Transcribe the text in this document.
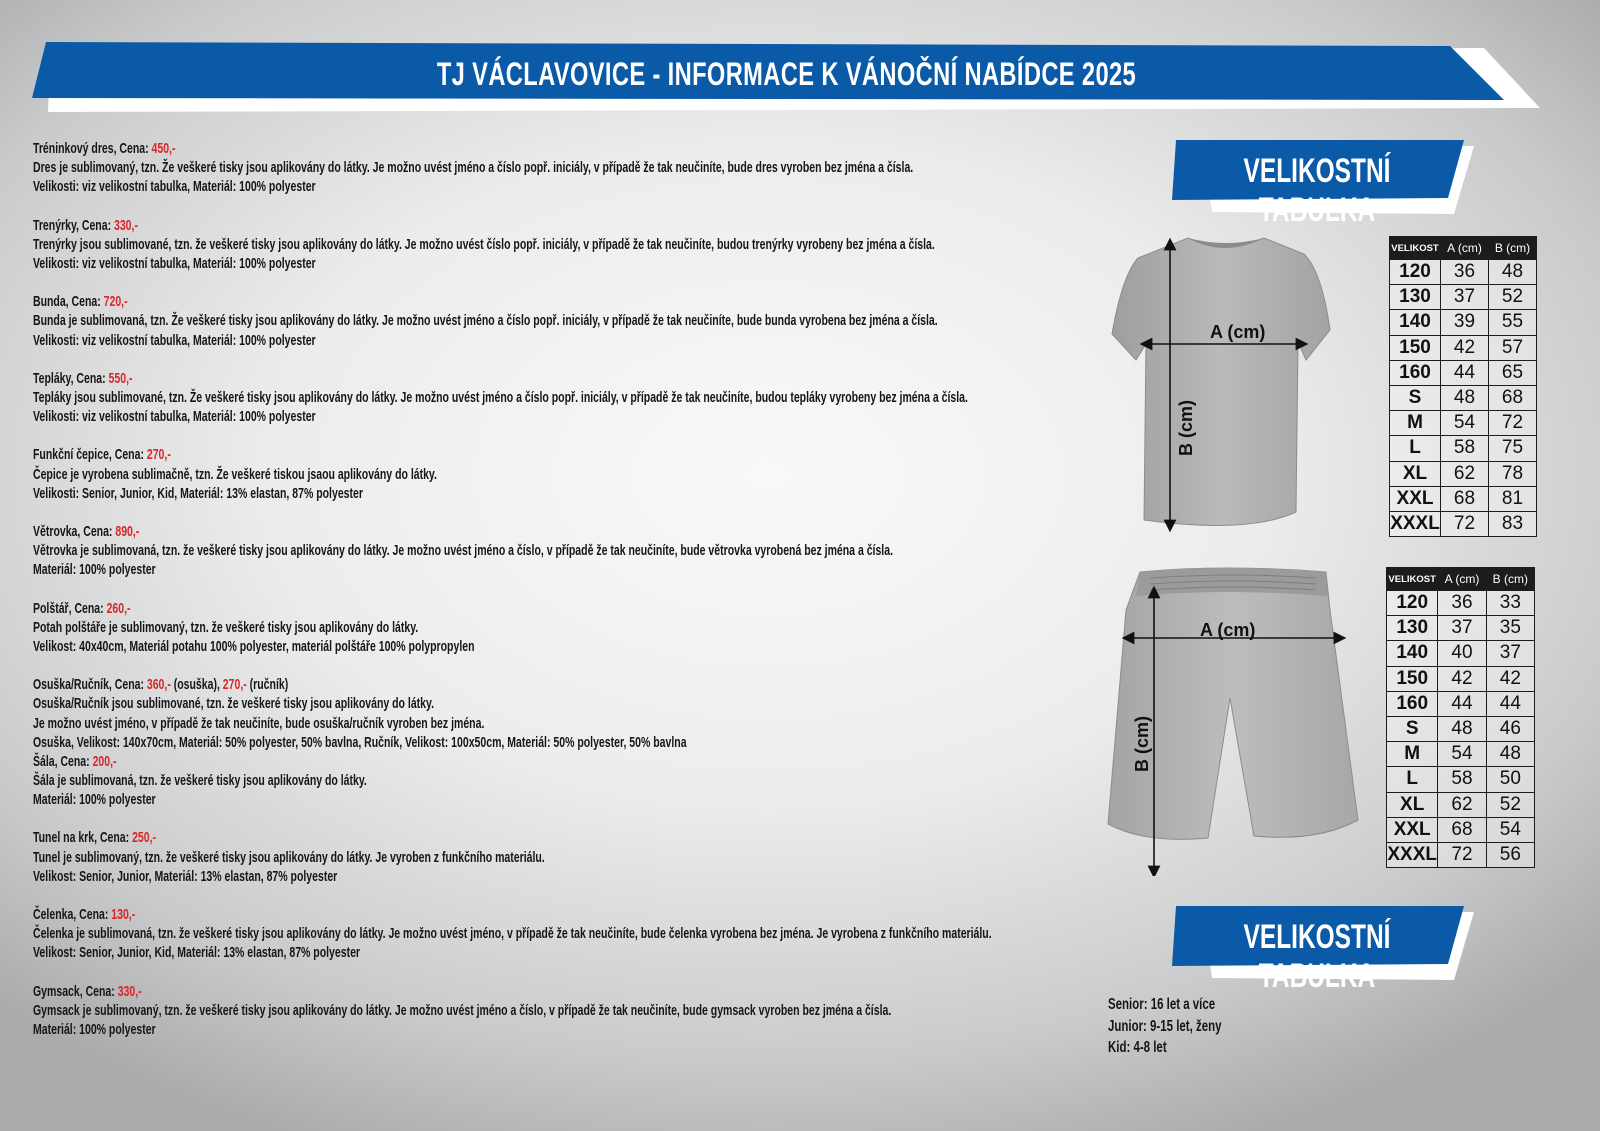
TJ VÁCLAVOVICE - INFORMACE K VÁNOČNÍ NABÍDCE 2025
Tréninkový dres, Cena: 450,-
Dres je sublimovaný, tzn. Že veškeré tisky jsou aplikovány do látky. Je možno uvést jméno a číslo popř. iniciály, v případě že tak neučiníte, bude dres vyroben bez jména a čísla.
Velikosti: viz velikostní tabulka, Materiál: 100% polyester
Trenýrky, Cena: 330,-
Trenýrky jsou sublimované, tzn. že veškeré tisky jsou aplikovány do látky. Je možno uvést číslo popř. iniciály, v případě že tak neučiníte, budou trenýrky vyrobeny bez jména a čísla.
Velikosti: viz velikostní tabulka, Materiál: 100% polyester
Bunda, Cena: 720,-
Bunda je sublimovaná, tzn. Že veškeré tisky jsou aplikovány do látky. Je možno uvést jméno a číslo popř. iniciály, v případě že tak neučiníte, bude bunda vyrobena bez jména a čísla.
Velikosti: viz velikostní tabulka, Materiál: 100% polyester
Tepláky, Cena: 550,-
Tepláky jsou sublimované, tzn. Že veškeré tisky jsou aplikovány do látky. Je možno uvést jméno a číslo popř. iniciály, v případě že tak neučiníte, budou tepláky vyrobeny bez jména a čísla.
Velikosti: viz velikostní tabulka, Materiál: 100% polyester
Funkční čepice, Cena: 270,-
Čepice je vyrobena sublimačně, tzn. Že veškeré tiskou jsaou aplikovány do látky.
Velikosti: Senior, Junior, Kid, Materiál: 13% elastan, 87% polyester
Větrovka, Cena: 890,-
Větrovka je sublimovaná, tzn. že veškeré tisky jsou aplikovány do látky. Je možno uvést jméno a číslo, v případě že tak neučiníte, bude větrovka vyrobená bez jména a čísla.
Materiál: 100% polyester
Polštář, Cena: 260,-
Potah polštáře je sublimovaný, tzn. že veškeré tisky jsou aplikovány do látky.
Velikost: 40x40cm, Materiál potahu 100% polyester, materiál polštáře 100% polypropylen
Osuška/Ručník, Cena: 360,- (osuška), 270,- (ručník)
Osuška/Ručník jsou sublimované, tzn. že veškeré tisky jsou aplikovány do látky.
Je možno uvést jméno, v případě že tak neučiníte, bude osuška/ručník vyroben bez jména.
Osuška, Velikost: 140x70cm, Materiál: 50% polyester, 50% bavlna, Ručník, Velikost: 100x50cm, Materiál: 50% polyester, 50% bavlna
Šála, Cena: 200,-
Šála je sublimovaná, tzn. že veškeré tisky jsou aplikovány do látky.
Materiál: 100% polyester
Tunel na krk, Cena: 250,-
Tunel je sublimovaný, tzn. že veškeré tisky jsou aplikovány do látky. Je vyroben z funkčního materiálu.
Velikost: Senior, Junior, Materiál: 13% elastan, 87% polyester
Čelenka, Cena: 130,-
Čelenka je sublimovaná, tzn. že veškeré tisky jsou aplikovány do látky. Je možno uvést jméno, v případě že tak neučiníte, bude čelenka vyrobena bez jména. Je vyrobena z funkčního materiálu.
Velikost: Senior, Junior, Kid, Materiál: 13% elastan, 87% polyester
Gymsack, Cena: 330,-
Gymsack je sublimovaný, tzn. že veškeré tisky jsou aplikovány do látky. Je možno uvést jméno a číslo, v případě že tak neučiníte, bude gymsack vyroben bez jména a čísla.
Materiál: 100% polyester
VELIKOSTNÍ TABULKA
A (cm)
B (cm)
A (cm)
B (cm)
VELIKOST	A (cm)	B (cm)
120	36	48
130	37	52
140	39	55
150	42	57
160	44	65
S	48	68
M	54	72
L	58	75
XL	62	78
XXL	68	81
XXXL	72	83
VELIKOST	A (cm)	B (cm)
120	36	33
130	37	35
140	40	37
150	42	42
160	44	44
S	48	46
M	54	48
L	58	50
XL	62	52
XXL	68	54
XXXL	72	56
VELIKOSTNÍ TABULKA
Senior: 16 let a více
Junior: 9-15 let, ženy
Kid: 4-8 let
